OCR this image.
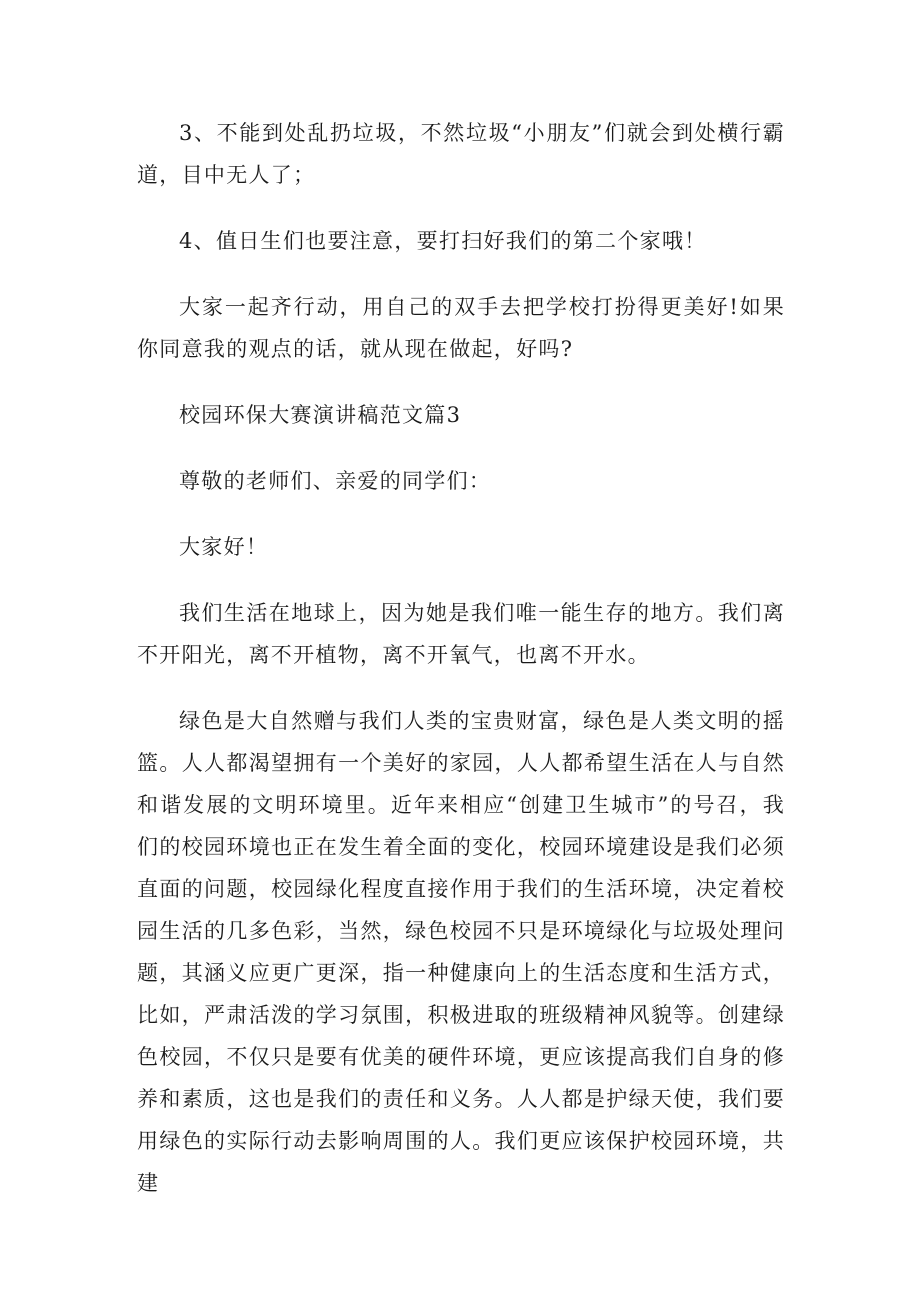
3、不能到处乱扔垃圾，不然垃圾“小朋友”们就会到处横行霸道，目中无人了；

4、值日生们也要注意，要打扫好我们的第二个家哦！

大家一起齐行动，用自己的双手去把学校打扮得更美好!如果你同意我的观点的话，就从现在做起，好吗?

校园环保大赛演讲稿范文篇3

尊敬的老师们、亲爱的同学们：

大家好！

我们生活在地球上，因为她是我们唯一能生存的地方。我们离不开阳光，离不开植物，离不开氧气，也离不开水。

绿色是大自然赠与我们人类的宝贵财富，绿色是人类文明的摇篮。人人都渴望拥有一个美好的家园，人人都希望生活在人与自然和谐发展的文明环境里。近年来相应“创建卫生城市”的号召，我们的校园环境也正在发生着全面的变化，校园环境建设是我们必须直面的问题，校园绿化程度直接作用于我们的生活环境，决定着校园生活的几多色彩，当然，绿色校园不只是环境绿化与垃圾处理问题，其涵义应更广更深，指一种健康向上的生活态度和生活方式，比如，严肃活泼的学习氛围，积极进取的班级精神风貌等。创建绿色校园，不仅只是要有优美的硬件环境，更应该提高我们自身的修养和素质，这也是我们的责任和义务。人人都是护绿天使，我们要用绿色的实际行动去影响周围的人。我们更应该保护校园环境，共建
